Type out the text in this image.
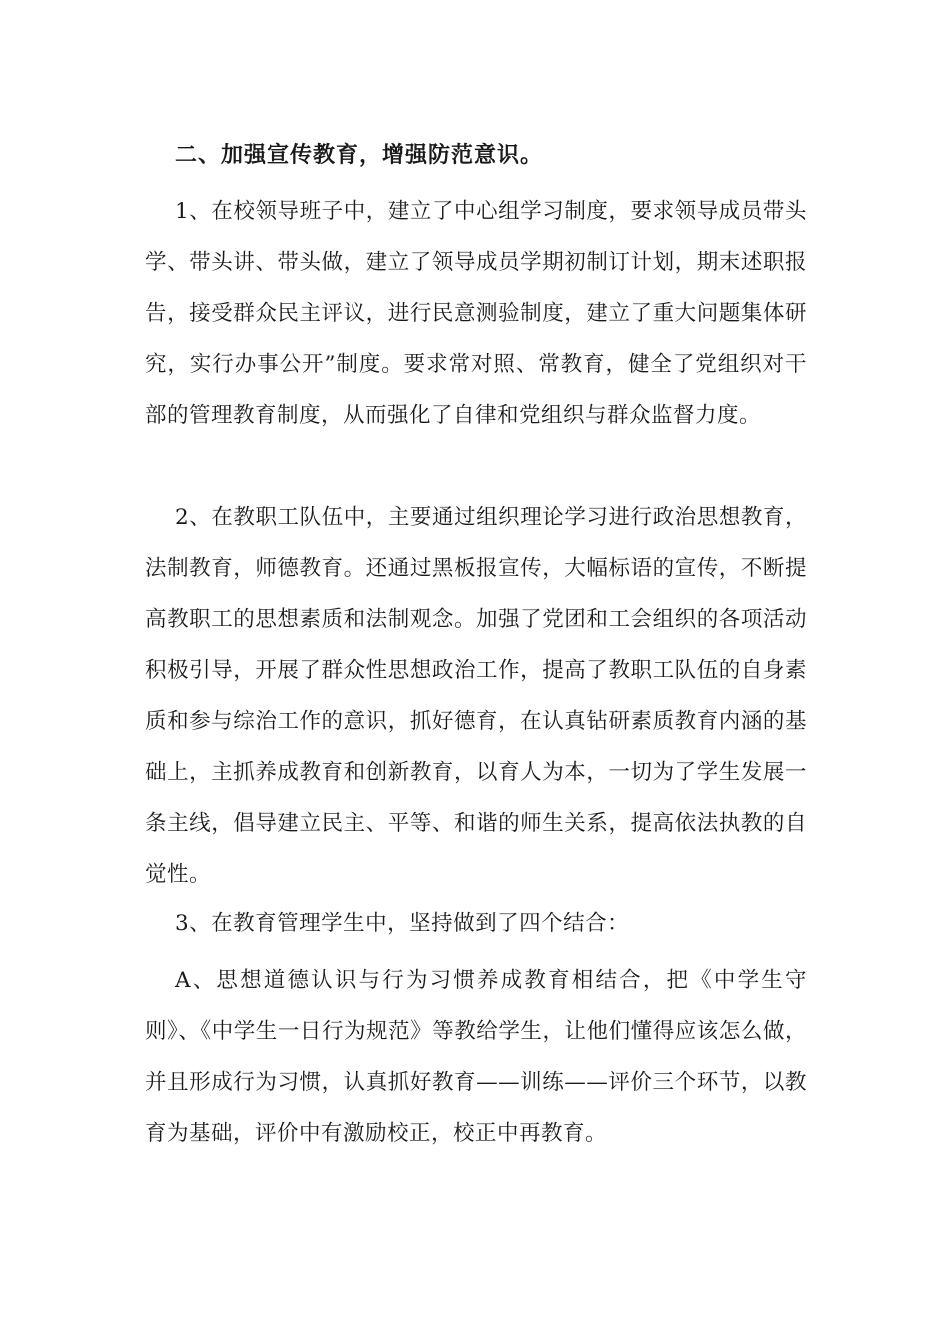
二、加强宣传教育，增强防范意识。

1、在校领导班子中，建立了中心组学习制度，要求领导成员带头学、带头讲、带头做，建立了领导成员学期初制订计划，期末述职报告，接受群众民主评议，进行民意测验制度，建立了重大问题集体研究，实行办事公开”制度。要求常对照、常教育，健全了党组织对干部的管理教育制度，从而强化了自律和党组织与群众监督力度。

2、在教职工队伍中，主要通过组织理论学习进行政治思想教育，法制教育，师德教育。还通过黑板报宣传，大幅标语的宣传，不断提高教职工的思想素质和法制观念。加强了党团和工会组织的各项活动积极引导，开展了群众性思想政治工作，提高了教职工队伍的自身素质和参与综治工作的意识，抓好德育，在认真钻研素质教育内涵的基础上，主抓养成教育和创新教育，以育人为本，一切为了学生发展一条主线，倡导建立民主、平等、和谐的师生关系，提高依法执教的自觉性。

3、在教育管理学生中，坚持做到了四个结合：

A、思想道德认识与行为习惯养成教育相结合，把《中学生守则》、《中学生一日行为规范》等教给学生，让他们懂得应该怎么做，并且形成行为习惯，认真抓好教育——训练——评价三个环节，以教育为基础，评价中有激励校正，校正中再教育。
